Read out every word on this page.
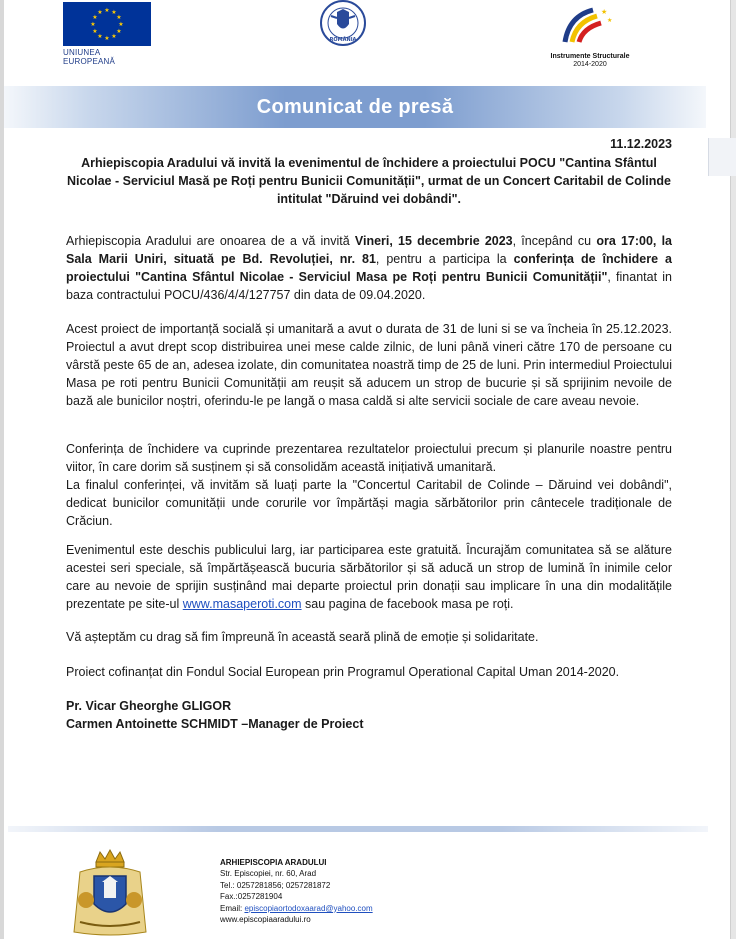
★ ★
★
★
★
★
★
★
★
★
★
★
UNIUNEA EUROPEANĂ
ROMÂNIA
★
★
Instrumente Structurale
2014-2020
Comunicat de presă
11.12.2023
Arhiepiscopia Aradului vă invită la evenimentul de închidere a proiectului POCU "Cantina Sfântul Nicolae - Serviciul Masă pe Roți pentru Bunicii Comunității", urmat de un Concert Caritabil de Colinde intitulat "Dăruind vei dobândi".
Arhiepiscopia Aradului are onoarea de a vă invită Vineri, 15 decembrie 2023, începând cu ora 17:00, la Sala Marii Uniri, situată pe Bd. Revoluției, nr. 81, pentru a participa la conferința de închidere a proiectului "Cantina Sfântul Nicolae - Serviciul Masa pe Roți pentru Bunicii Comunității", finantat in baza contractului POCU/436/4/4/127757 din data de 09.04.2020.
Acest proiect de importanță socială și umanitară a avut o durata de 31 de luni si se va încheia în 25.12.2023. Proiectul a avut drept scop distribuirea unei mese calde zilnic, de luni până vineri către 170 de persoane cu vârstă peste 65 de an, adesea izolate, din comunitatea noastră timp de 25 de luni. Prin intermediul Proiectului Masa pe roti pentru Bunicii Comunității am reușit să aducem un strop de bucurie și să sprijinim nevoile de bază ale bunicilor noștri, oferindu-le pe langă o masa caldă si alte servicii sociale de care aveau nevoie.
Conferința de închidere va cuprinde prezentarea rezultatelor proiectului precum și planurile noastre pentru viitor, în care dorim să susținem și să consolidăm această inițiativă umanitară.
La finalul conferinței, vă invităm să luați parte la "Concertul Caritabil de Colinde – Dăruind vei dobândi", dedicat bunicilor comunității unde corurile vor împărtăși magia sărbătorilor prin cântecele tradiționale de Crăciun.
Evenimentul este deschis publicului larg, iar participarea este gratuită. Încurajăm comunitatea să se alăture acestei seri speciale, să împărtășească bucuria sărbătorilor și să aducă un strop de lumină în inimile celor care au nevoie de sprijin susținând mai departe proiectul prin donații sau implicare în una din modalitățile prezentate pe site-ul www.masaperoti.com sau pagina de facebook masa pe roți.
Vă așteptăm cu drag să fim împreună în această seară plină de emoție și solidaritate.
Proiect cofinanțat din Fondul Social European prin Programul Operational Capital Uman 2014-2020.
Pr. Vicar Gheorghe GLIGOR
Carmen Antoinette SCHMIDT –Manager de Proiect
ARHIEPISCOPIA ARADULUI
Str. Episcopiei, nr. 60, Arad
Tel.: 0257281856; 0257281872
Fax.:0257281904
Email: episcopiaortodoxaarad@yahoo.com
www.episcopiaaradului.ro
